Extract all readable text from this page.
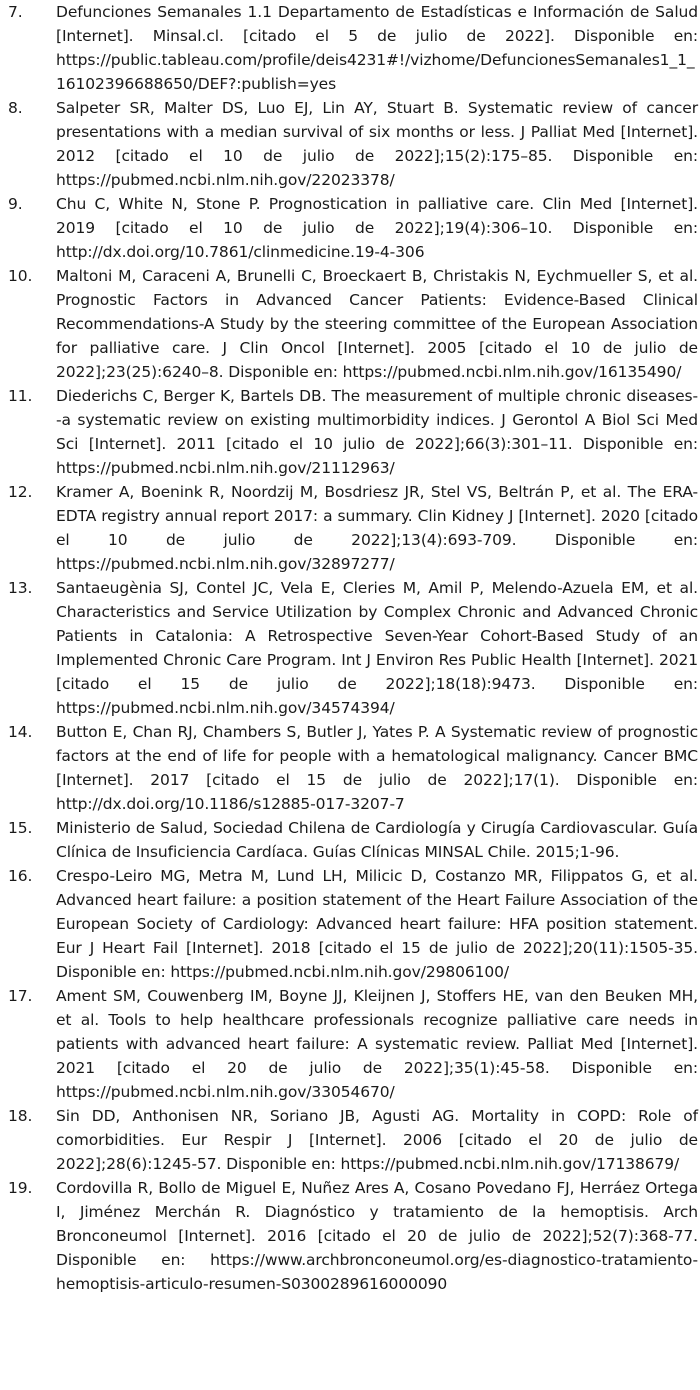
7. Defunciones Semanales 1.1 Departamento de Estadísticas e Información de Salud [Internet]. Minsal.cl. [citado el 5 de julio de 2022]. Disponible en: https://public.tableau.com/profile/deis4231#!/vizhome/DefuncionesSemanales1_1_16102396688650/DEF?:publish=yes
8. Salpeter SR, Malter DS, Luo EJ, Lin AY, Stuart B. Systematic review of cancer presentations with a median survival of six months or less. J Palliat Med [Internet]. 2012 [citado el 10 de julio de 2022];15(2):175–85. Disponible en: https://pubmed.ncbi.nlm.nih.gov/22023378/
9. Chu C, White N, Stone P. Prognostication in palliative care. Clin Med [Internet]. 2019 [citado el 10 de julio de 2022];19(4):306–10. Disponible en: http://dx.doi.org/10.7861/clinmedicine.19-4-306
10. Maltoni M, Caraceni A, Brunelli C, Broeckaert B, Christakis N, Eychmueller S, et al. Prognostic Factors in Advanced Cancer Patients: Evidence-Based Clinical Recommendations-A Study by the steering committee of the European Association for palliative care. J Clin Oncol [Internet]. 2005 [citado el 10 de julio de 2022];23(25):6240–8. Disponible en: https://pubmed.ncbi.nlm.nih.gov/16135490/
11. Diederichs C, Berger K, Bartels DB. The measurement of multiple chronic diseases--a systematic review on existing multimorbidity indices. J Gerontol A Biol Sci Med Sci [Internet]. 2011 [citado el 10 julio de 2022];66(3):301–11. Disponible en: https://pubmed.ncbi.nlm.nih.gov/21112963/
12. Kramer A, Boenink R, Noordzij M, Bosdriesz JR, Stel VS, Beltrán P, et al. The ERA-EDTA registry annual report 2017: a summary. Clin Kidney J [Internet]. 2020 [citado el 10 de julio de 2022];13(4):693-709. Disponible en: https://pubmed.ncbi.nlm.nih.gov/32897277/
13. Santaeugènia SJ, Contel JC, Vela E, Cleries M, Amil P, Melendo-Azuela EM, et al. Characteristics and Service Utilization by Complex Chronic and Advanced Chronic Patients in Catalonia: A Retrospective Seven-Year Cohort-Based Study of an Implemented Chronic Care Program. Int J Environ Res Public Health [Internet]. 2021 [citado el 15 de julio de 2022];18(18):9473. Disponible en: https://pubmed.ncbi.nlm.nih.gov/34574394/
14. Button E, Chan RJ, Chambers S, Butler J, Yates P. A Systematic review of prognostic factors at the end of life for people with a hematological malignancy. Cancer BMC [Internet]. 2017 [citado el 15 de julio de 2022];17(1). Disponible en: http://dx.doi.org/10.1186/s12885-017-3207-7
15. Ministerio de Salud, Sociedad Chilena de Cardiología y Cirugía Cardiovascular. Guía Clínica de Insuficiencia Cardíaca. Guías Clínicas MINSAL Chile. 2015;1-96.
16. Crespo-Leiro MG, Metra M, Lund LH, Milicic D, Costanzo MR, Filippatos G, et al. Advanced heart failure: a position statement of the Heart Failure Association of the European Society of Cardiology: Advanced heart failure: HFA position statement. Eur J Heart Fail [Internet]. 2018 [citado el 15 de julio de 2022];20(11):1505-35. Disponible en: https://pubmed.ncbi.nlm.nih.gov/29806100/
17. Ament SM, Couwenberg IM, Boyne JJ, Kleijnen J, Stoffers HE, van den Beuken MH, et al. Tools to help healthcare professionals recognize palliative care needs in patients with advanced heart failure: A systematic review. Palliat Med [Internet]. 2021 [citado el 20 de julio de 2022];35(1):45-58. Disponible en: https://pubmed.ncbi.nlm.nih.gov/33054670/
18. Sin DD, Anthonisen NR, Soriano JB, Agusti AG. Mortality in COPD: Role of comorbidities. Eur Respir J [Internet]. 2006 [citado el 20 de julio de 2022];28(6):1245-57. Disponible en: https://pubmed.ncbi.nlm.nih.gov/17138679/
19. Cordovilla R, Bollo de Miguel E, Nuñez Ares A, Cosano Povedano FJ, Herráez Ortega I, Jiménez Merchán R. Diagnóstico y tratamiento de la hemoptisis. Arch Bronconeumol [Internet]. 2016 [citado el 20 de julio de 2022];52(7):368-77. Disponible en: https://www.archbronconeumol.org/es-diagnostico-tratamiento-hemoptisis-articulo-resumen-S0300289616000090
